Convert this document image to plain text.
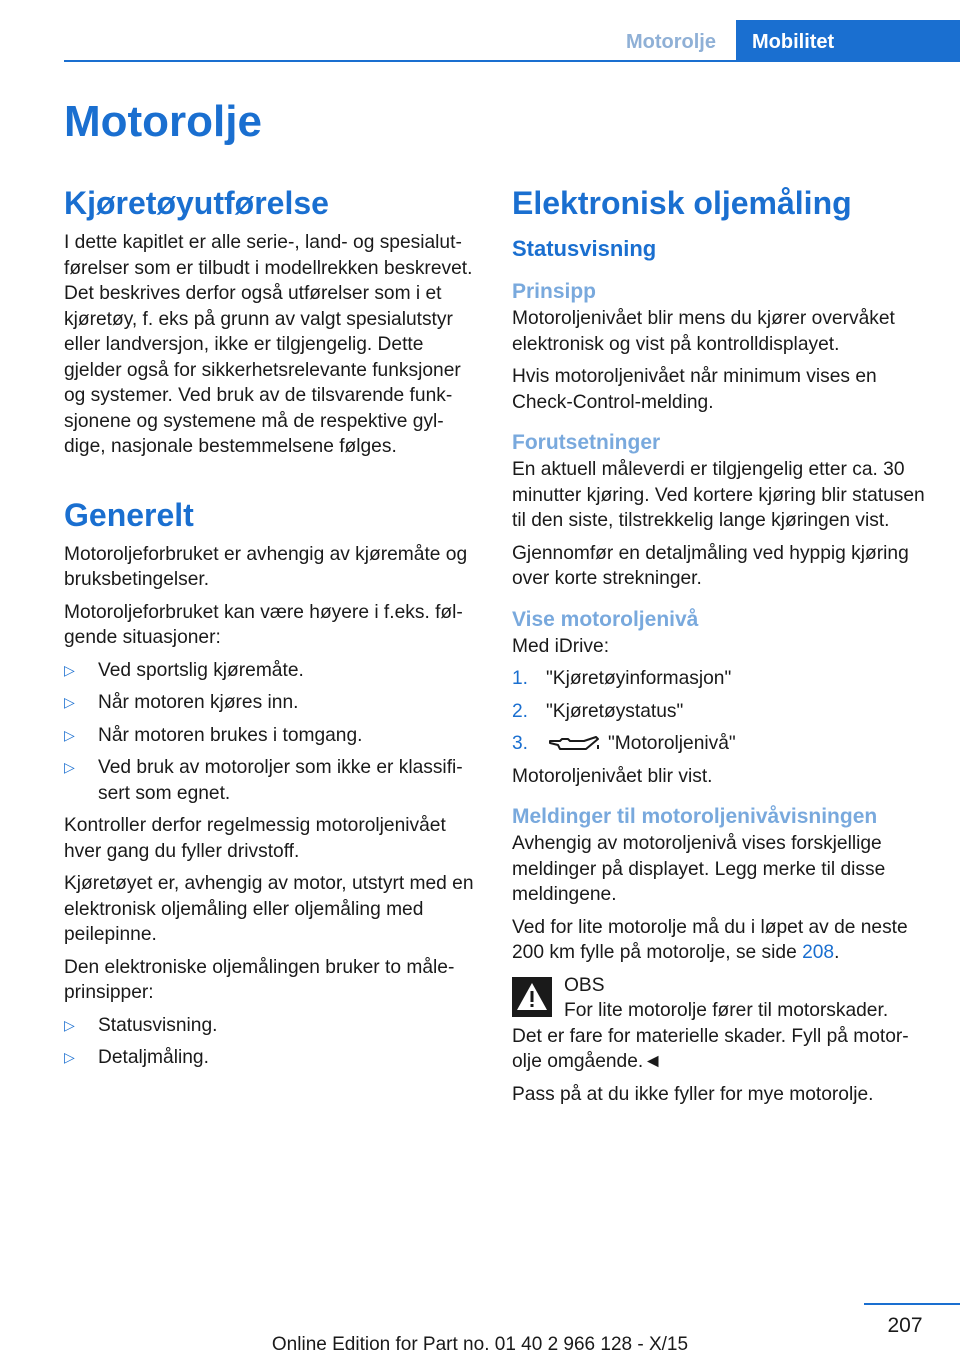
Motorolje	Mobilitet
Motorolje
Kjøretøyutførelse

I dette kapitlet er alle serie-, land- og spesialutførelser som er tilbudt i modellrekken beskrevet. Det beskrives derfor også utførelser som i et kjøretøy, f. eks på grunn av valgt spesialutstyr eller landversjon, ikke er tilgjengelig. Dette gjelder også for sikkerhetsrelevante funksjoner og systemer. Ved bruk av de tilsvarende funksjonene og systemene må de respektive gyldige, nasjonale bestemmelsene følges.

Generelt

Motoroljeforbruket er avhengig av kjøremåte og bruksbetingelser.

Motoroljeforbruket kan være høyere i f.eks. følgende situasjoner:

▷ Ved sportslig kjøremåte.
▷ Når motoren kjøres inn.
▷ Når motoren brukes i tomgang.
▷ Ved bruk av motoroljer som ikke er klassifisert som egnet.

Kontroller derfor regelmessig motoroljenivået hver gang du fyller drivstoff.

Kjøretøyet er, avhengig av motor, utstyrt med en elektronisk oljemåling eller oljemåling med peilepinne.

Den elektroniske oljemålingen bruker to måleprinsipper:

▷ Statusvisning.
▷ Detaljmåling.
Elektronisk oljemåling
Statusvisning
Prinsipp

Motoroljenivået blir mens du kjører overvåket elektronisk og vist på kontrolldisplayet.

Hvis motoroljenivået når minimum vises en Check-Control-melding.

Forutsetninger

En aktuell måleverdi er tilgjengelig etter ca. 30 minutter kjøring. Ved kortere kjøring blir statusen til den siste, tilstrekkelig lange kjøringen vist.

Gjennomfør en detaljmåling ved hyppig kjøring over korte strekninger.

Vise motoroljenivå

Med iDrive:

1. "Kjøretøyinformasjon"
2. "Kjøretøystatus"
3.	"Motoroljenivå"

Motoroljenivået blir vist.

Meldinger til motoroljenivåvisningen

Avhengig av motoroljenivå vises forskjellige meldinger på displayet. Legg merke til disse meldingene.

Ved for lite motorolje må du i løpet av de neste 200 km fylle på motorolje, se side 208.

OBS
For lite motorolje fører til motorskader.
Det er fare for materielle skader. Fyll på motorolje omgående.◄

Pass på at du ikke fyller for mye motorolje.

207
Online Edition for Part no. 01 40 2 966 128 - X/15
